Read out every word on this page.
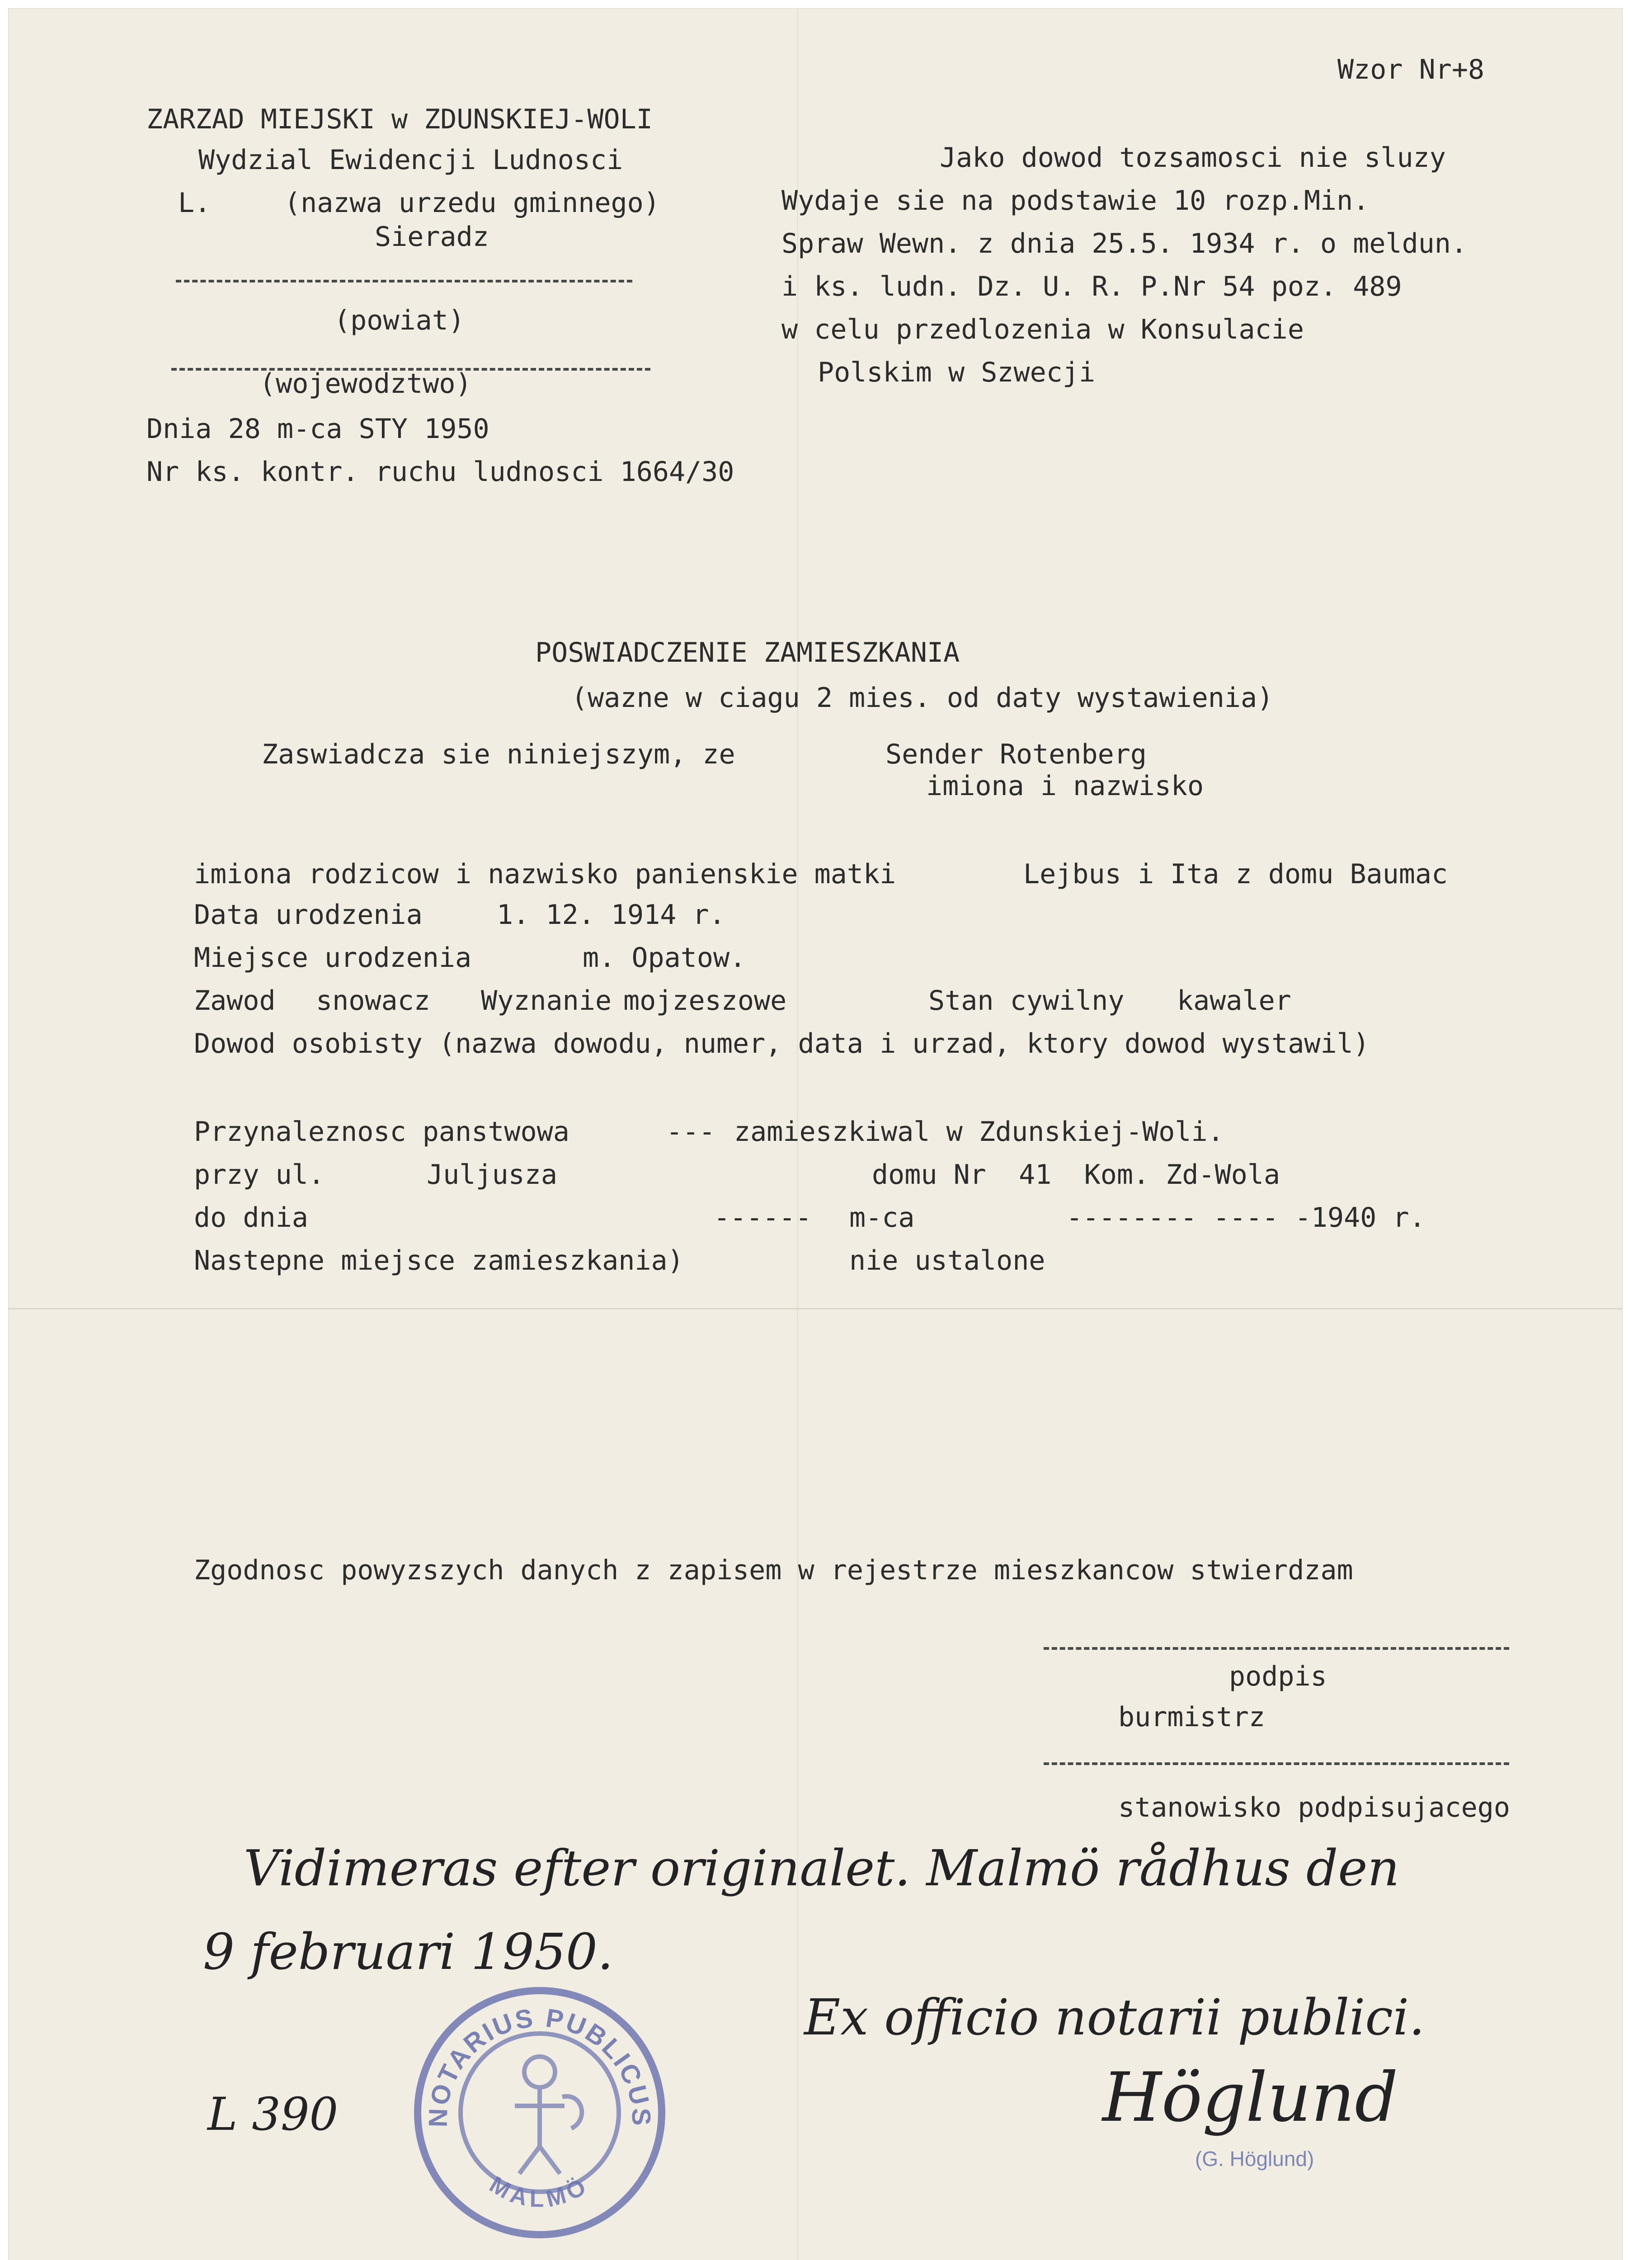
Wzor Nr+8
ZARZAD MIEJSKI w ZDUNSKIEJ-WOLI
Wydzial Ewidencji Ludnosci
L.	(nazwa urzedu gminnego)
Sieradz
(powiat)
(wojewodztwo)
Dnia 28 m-ca STY 1950
Nr ks. kontr. ruchu ludnosci 1664/30
Jako dowod tozsamosci nie sluzy
Wydaje sie na podstawie 10 rozp.Min.
Spraw Wewn. z dnia 25.5. 1934 r. o meldun.
i ks. ludn. Dz. U. R. P.Nr 54 poz. 489
w celu przedlozenia w Konsulacie
Polskim w Szwecji
POSWIADCZENIE ZAMIESZKANIA
(wazne w ciagu 2 mies. od daty wystawienia)
Zaswiadcza sie niniejszym, ze	Sender Rotenberg
imiona i nazwisko
imiona rodzicow i nazwisko panienskie matki	Lejbus i Ita z domu Baumac
Data urodzenia	1. 12. 1914 r.
Miejsce urodzenia	m. Opatow.
Zawod snowacz Wyznanie mojzeszowe	Stan cywilny kawaler
Dowod osobisty (nazwa dowodu, numer, data i urzad, ktory dowod wystawil)
Przynaleznosc panstwowa	--- zamieszkiwal w Zdunskiej-Woli.
przy ul.	Juljusza	domu Nr  41  Kom. Zd-Wola
do dnia	------ m-ca	-------- ---- -1940 r.
Nastepne miejsce zamieszkania)	nie ustalone
Zgodnosc powyzszych danych z zapisem w rejestrze mieszkancow stwierdzam
podpis
burmistrz
stanowisko podpisujacego
Vidimeras efter originalet. Malmö rådhus den
9 februari 1950.
Ex officio notarii publici.
L 390	Höglund
(G. Höglund)
NOTARIUS PUBLICUS
MALMÖ
